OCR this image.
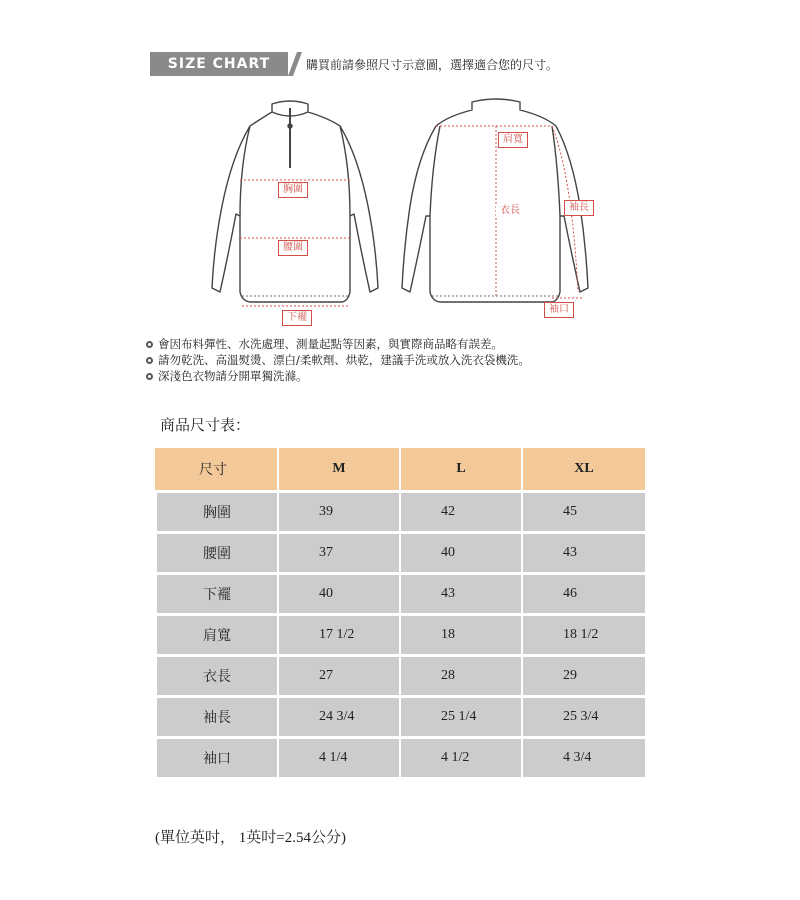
SIZE CHART	購買前請參照尺寸示意圖，選擇適合您的尺寸。
胸圍
腰圍
下襬
肩寬
衣長	袖長
袖口
會因布料彈性、水洗處理、測量起點等因素，與實際商品略有誤差。
請勿乾洗、高溫熨燙、漂白/柔軟劑、烘乾，建議手洗或放入洗衣袋機洗。
深淺色衣物請分開單獨洗滌。
商品尺寸表：
尺寸	M	L	XL
胸圍	39	42	45
腰圍	37	40	43
下襬	40	43	46
肩寬	17 1/2	18	18 1/2
衣長	27	28	29
袖長	24 3/4	25 1/4	25 3/4
袖口	4 1/4	4 1/2	4 3/4
(單位英吋， 1英吋=2.54公分)
